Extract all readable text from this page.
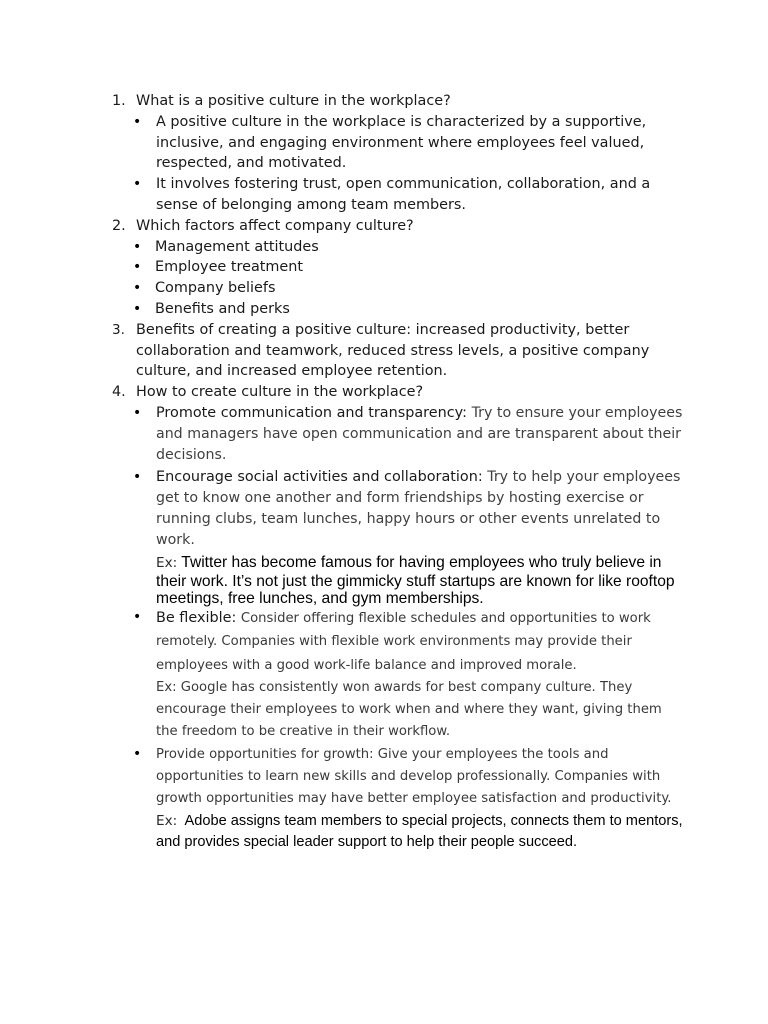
1. What is a positive culture in the workplace?
• A positive culture in the workplace is characterized by a supportive, inclusive, and engaging environment where employees feel valued, respected, and motivated.
• It involves fostering trust, open communication, collaboration, and a sense of belonging among team members.
2. Which factors affect company culture?
• Management attitudes
• Employee treatment
• Company beliefs
• Benefits and perks
3. Benefits of creating a positive culture: increased productivity, better collaboration and teamwork, reduced stress levels, a positive company culture, and increased employee retention.
4. How to create culture in the workplace?
• Promote communication and transparency: Try to ensure your employees and managers have open communication and are transparent about their decisions.
• Encourage social activities and collaboration: Try to help your employees get to know one another and form friendships by hosting exercise or running clubs, team lunches, happy hours or other events unrelated to work.
Ex: Twitter has become famous for having employees who truly believe in their work. It’s not just the gimmicky stuff startups are known for like rooftop meetings, free lunches, and gym memberships.
• Be flexible: Consider offering flexible schedules and opportunities to work remotely. Companies with flexible work environments may provide their employees with a good work-life balance and improved morale.
Ex: Google has consistently won awards for best company culture. They encourage their employees to work when and where they want, giving them the freedom to be creative in their workflow.
• Provide opportunities for growth: Give your employees the tools and opportunities to learn new skills and develop professionally. Companies with growth opportunities may have better employee satisfaction and productivity.
Ex: Adobe assigns team members to special projects, connects them to mentors, and provides special leader support to help their people succeed.
